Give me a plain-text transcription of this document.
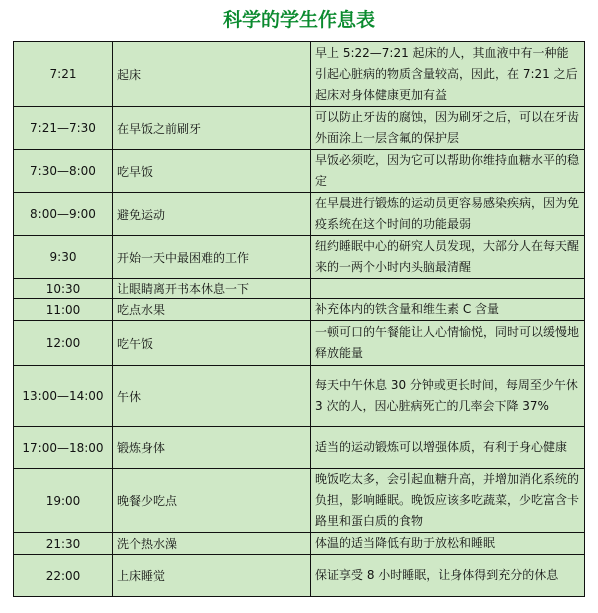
科学的学生作息表
7:21	起床	早上 5:22—7:21 起床的人，其血液中有一种能引起心脏病的物质含量较高，因此，在 7:21 之后起床对身体健康更加有益
7:21—7:30	在早饭之前刷牙	可以防止牙齿的腐蚀，因为刷牙之后，可以在牙齿外面涂上一层含氟的保护层
7:30—8:00	吃早饭	早饭必须吃，因为它可以帮助你维持血糖水平的稳定
8:00—9:00	避免运动	在早晨进行锻炼的运动员更容易感染疾病，因为免疫系统在这个时间的功能最弱
9:30	开始一天中最困难的工作	纽约睡眠中心的研究人员发现，大部分人在每天醒来的一两个小时内头脑最清醒
10:30	让眼睛离开书本休息一下	
11:00	吃点水果	补充体内的铁含量和维生素 C 含量
12:00	吃午饭	一顿可口的午餐能让人心情愉悦，同时可以缓慢地释放能量
13:00—14:00	午休	每天中午休息 30 分钟或更长时间，每周至少午休 3 次的人，因心脏病死亡的几率会下降 37%
17:00—18:00	锻炼身体	适当的运动锻炼可以增强体质，有利于身心健康
19:00	晚餐少吃点	晚饭吃太多，会引起血糖升高，并增加消化系统的负担，影响睡眠。晚饭应该多吃蔬菜，少吃富含卡路里和蛋白质的食物
21:30	洗个热水澡	体温的适当降低有助于放松和睡眠
22:00	上床睡觉	保证享受 8 小时睡眠，让身体得到充分的休息
